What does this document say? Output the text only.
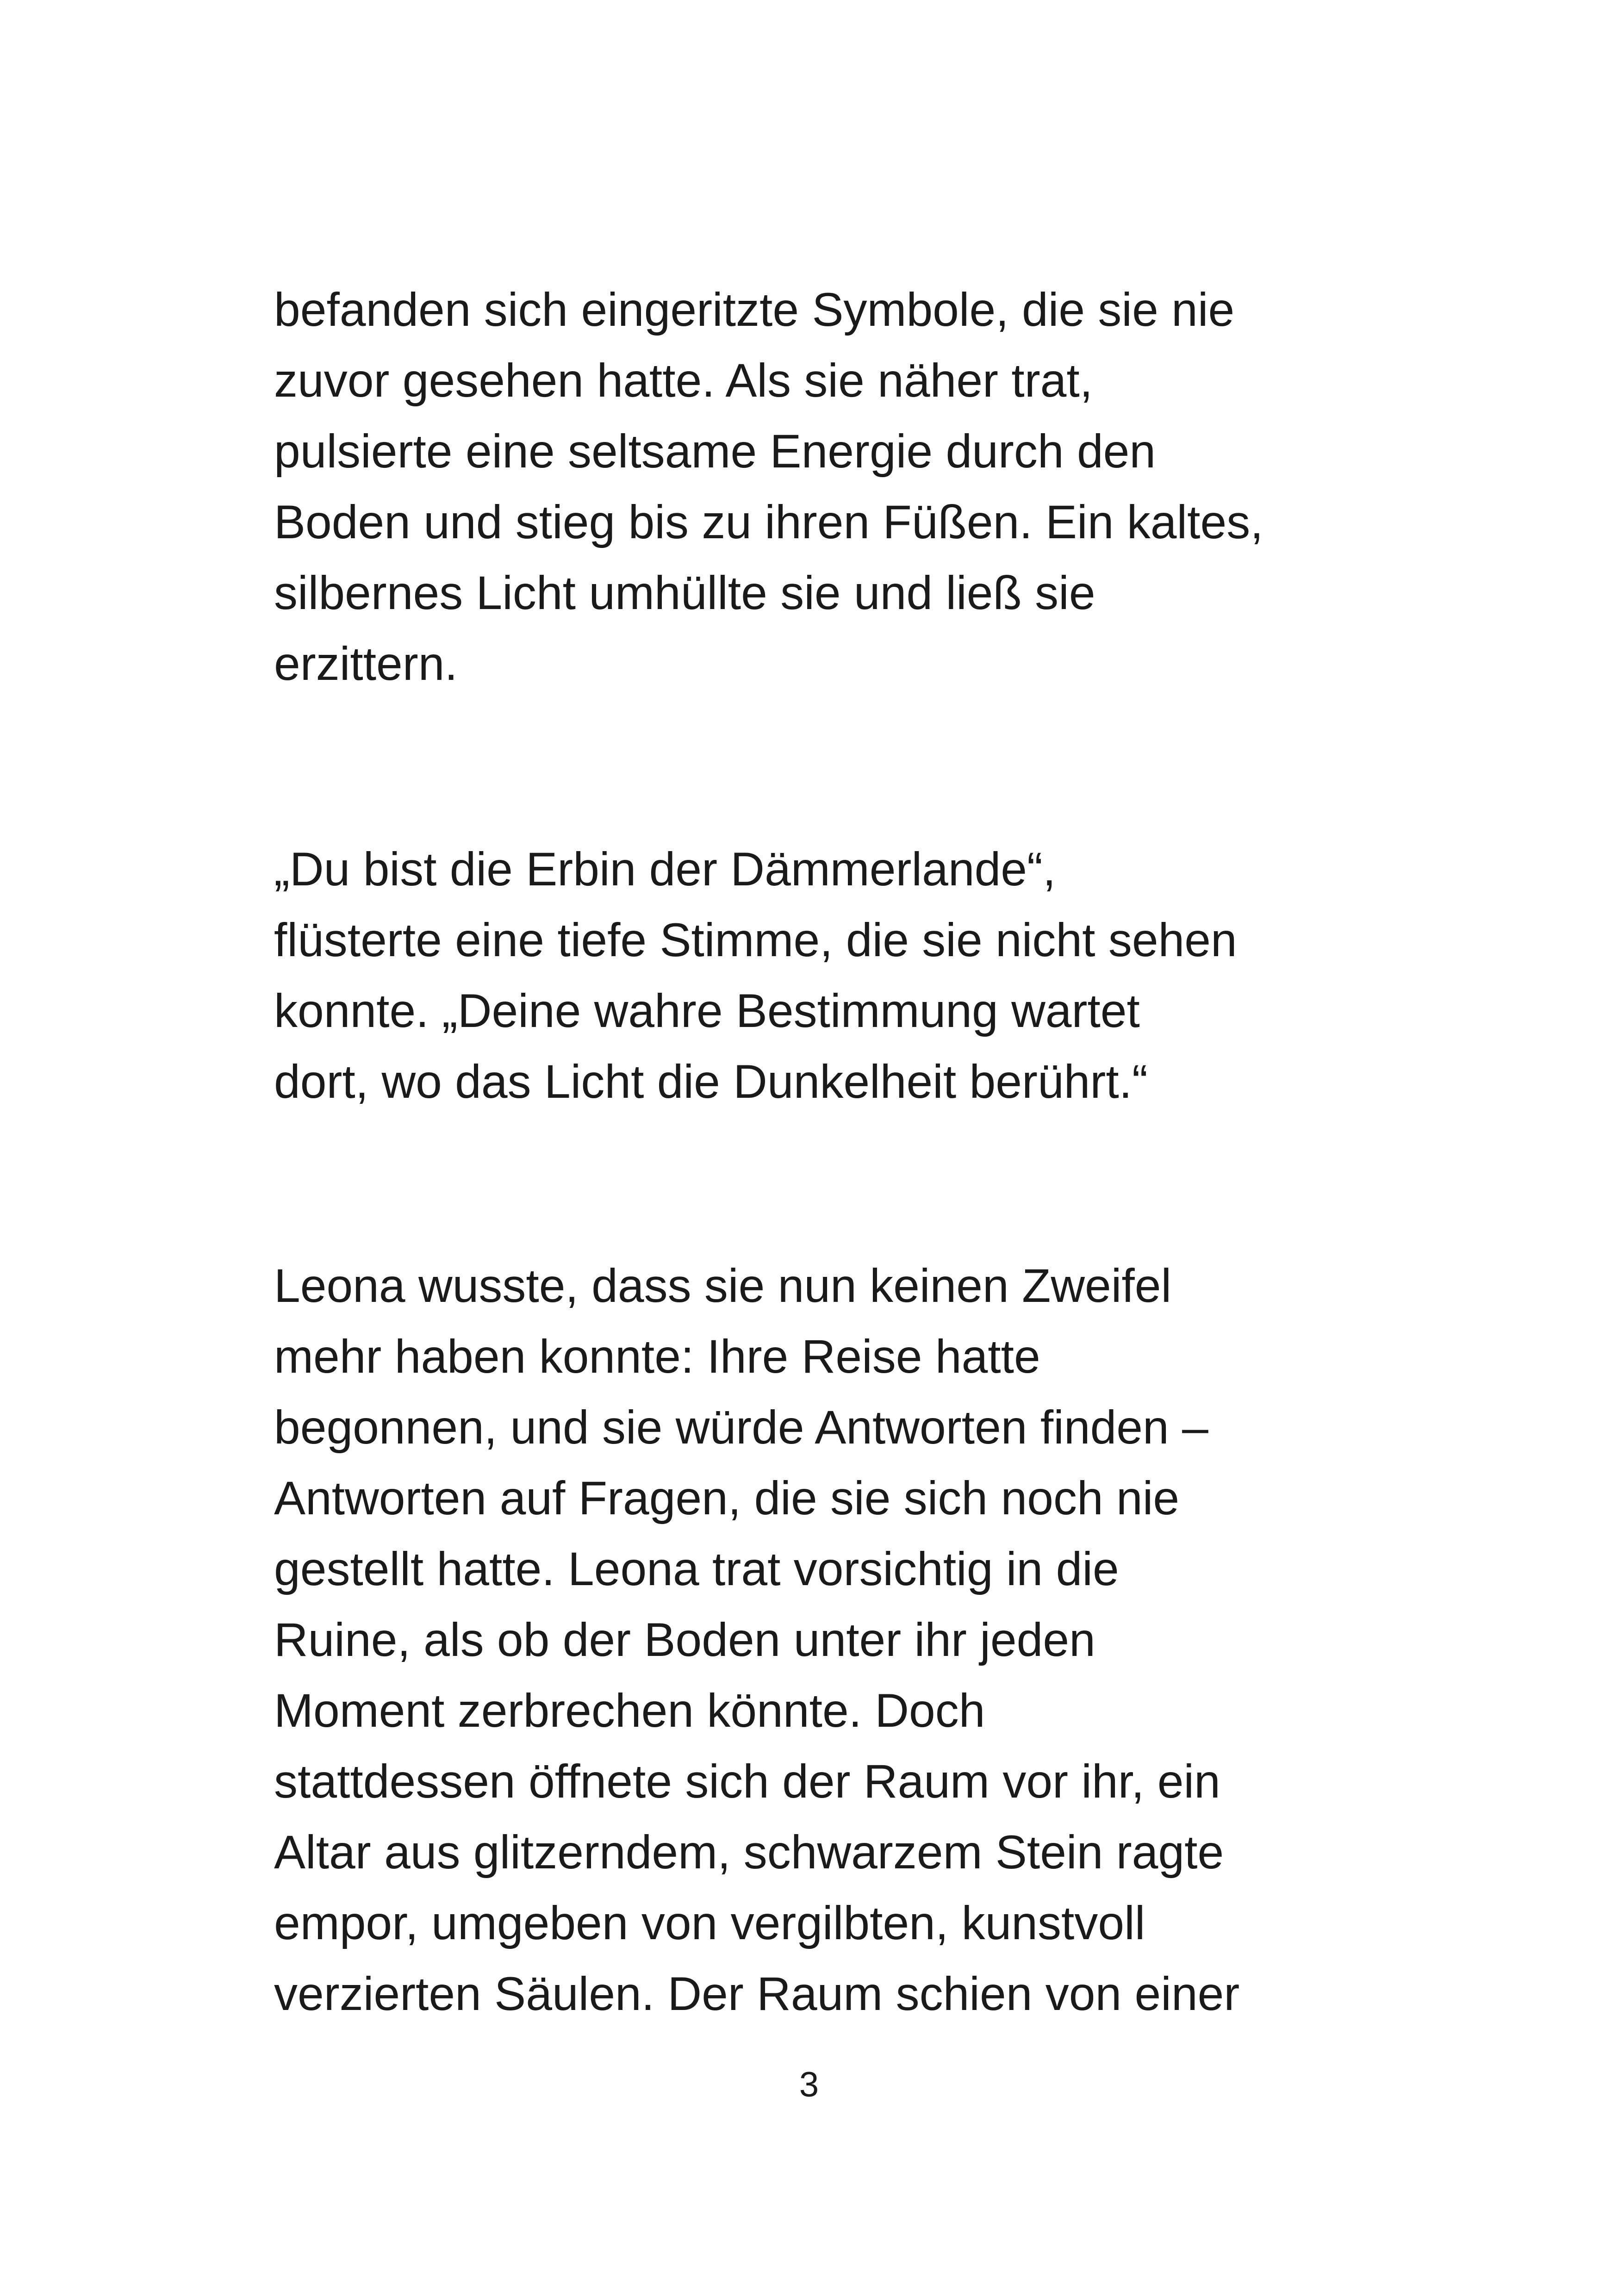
befanden sich eingeritzte Symbole, die sie nie
zuvor gesehen hatte. Als sie näher trat,
pulsierte eine seltsame Energie durch den
Boden und stieg bis zu ihren Füßen. Ein kaltes,
silbernes Licht umhüllte sie und ließ sie
erzittern.
„Du bist die Erbin der Dämmerlande“,
flüsterte eine tiefe Stimme, die sie nicht sehen
konnte. „Deine wahre Bestimmung wartet
dort, wo das Licht die Dunkelheit berührt.“
Leona wusste, dass sie nun keinen Zweifel
mehr haben konnte: Ihre Reise hatte
begonnen, und sie würde Antworten finden –
Antworten auf Fragen, die sie sich noch nie
gestellt hatte. Leona trat vorsichtig in die
Ruine, als ob der Boden unter ihr jeden
Moment zerbrechen könnte. Doch
stattdessen öffnete sich der Raum vor ihr, ein
Altar aus glitzerndem, schwarzem Stein ragte
empor, umgeben von vergilbten, kunstvoll
verzierten Säulen. Der Raum schien von einer
3
